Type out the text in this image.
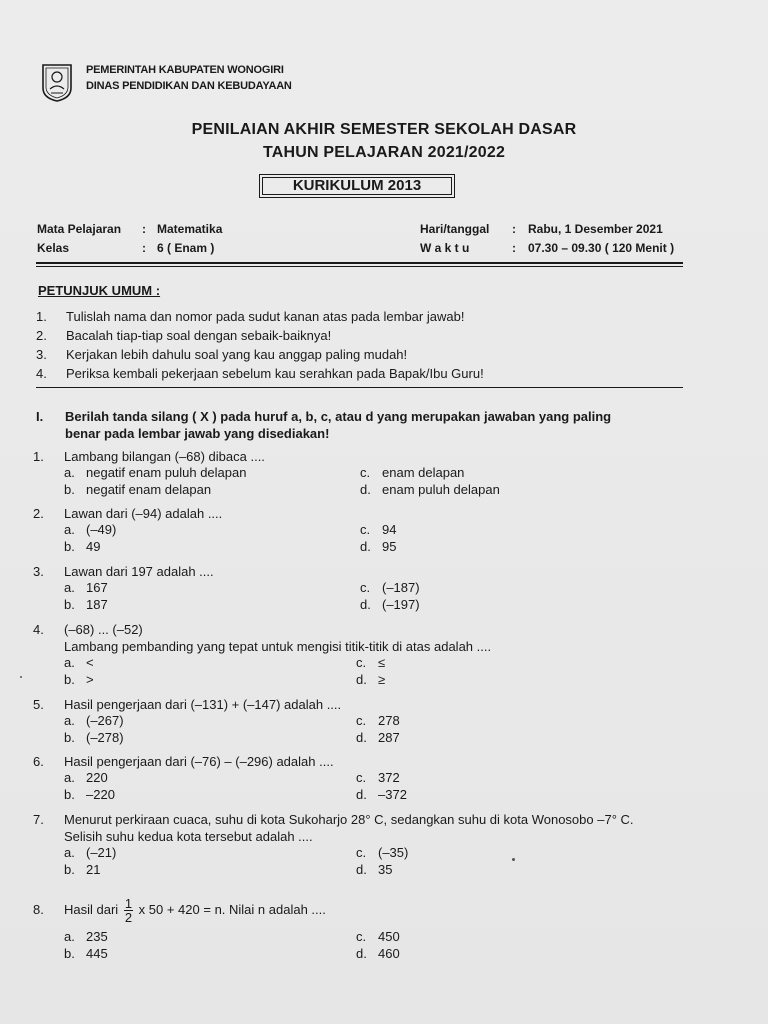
PEMERINTAH KABUPATEN WONOGIRI
DINAS PENDIDIKAN DAN KEBUDAYAAN
PENILAIAN AKHIR SEMESTER SEKOLAH DASAR
TAHUN PELAJARAN 2021/2022
KURIKULUM 2013
Mata Pelajaran : Matematika
Kelas	: 6 ( Enam )
Hari/tanggal : Rabu, 1 Desember 2021
W a k t u	: 07.30 – 09.30 ( 120 Menit )
PETUNJUK UMUM :
1.	Tulislah nama dan nomor pada sudut kanan atas pada lembar jawab!
2.	Bacalah tiap-tiap soal dengan sebaik-baiknya!
3.	Kerjakan lebih dahulu soal yang kau anggap paling mudah!
4.	Periksa kembali pekerjaan sebelum kau serahkan pada Bapak/Ibu Guru!
I. Berilah tanda silang ( X ) pada huruf a, b, c, atau d yang merupakan jawaban yang paling
benar pada lembar jawab yang disediakan!
1. Lambang bilangan (–68) dibaca ....
a. negatif enam puluh delapan
b. negatif enam delapan
c. enam delapan
d. enam puluh delapan
2. Lawan dari (–94) adalah ....
a. (–49)
b. 49
c. 94
d. 95
3. Lawan dari 197 adalah ....
a. 167
b. 187
c. (–187)
d. (–197)
4. (–68) ... (–52)
Lambang pembanding yang tepat untuk mengisi titik-titik di atas adalah ....
a. <
b. >
c. ≤
d. ≥
5. Hasil pengerjaan dari (–131) + (–147) adalah ....
a. (–267)
b. (–278)
c. 278
d. 287
6. Hasil pengerjaan dari (–76) – (–296) adalah ....
a. 220
b. –220
c. 372
d. –372
7. Menurut perkiraan cuaca, suhu di kota Sukoharjo 28° C, sedangkan suhu di kota Wonosobo –7° C.
Selisih suhu kedua kota tersebut adalah ....
a. (–21)
b. 21
c. (–35)
d. 35
8. Hasil dari $\frac{1}{2}$ x 50 + 420 = n. Nilai n adalah ....
a. 235
b. 445
c. 450
d. 460
